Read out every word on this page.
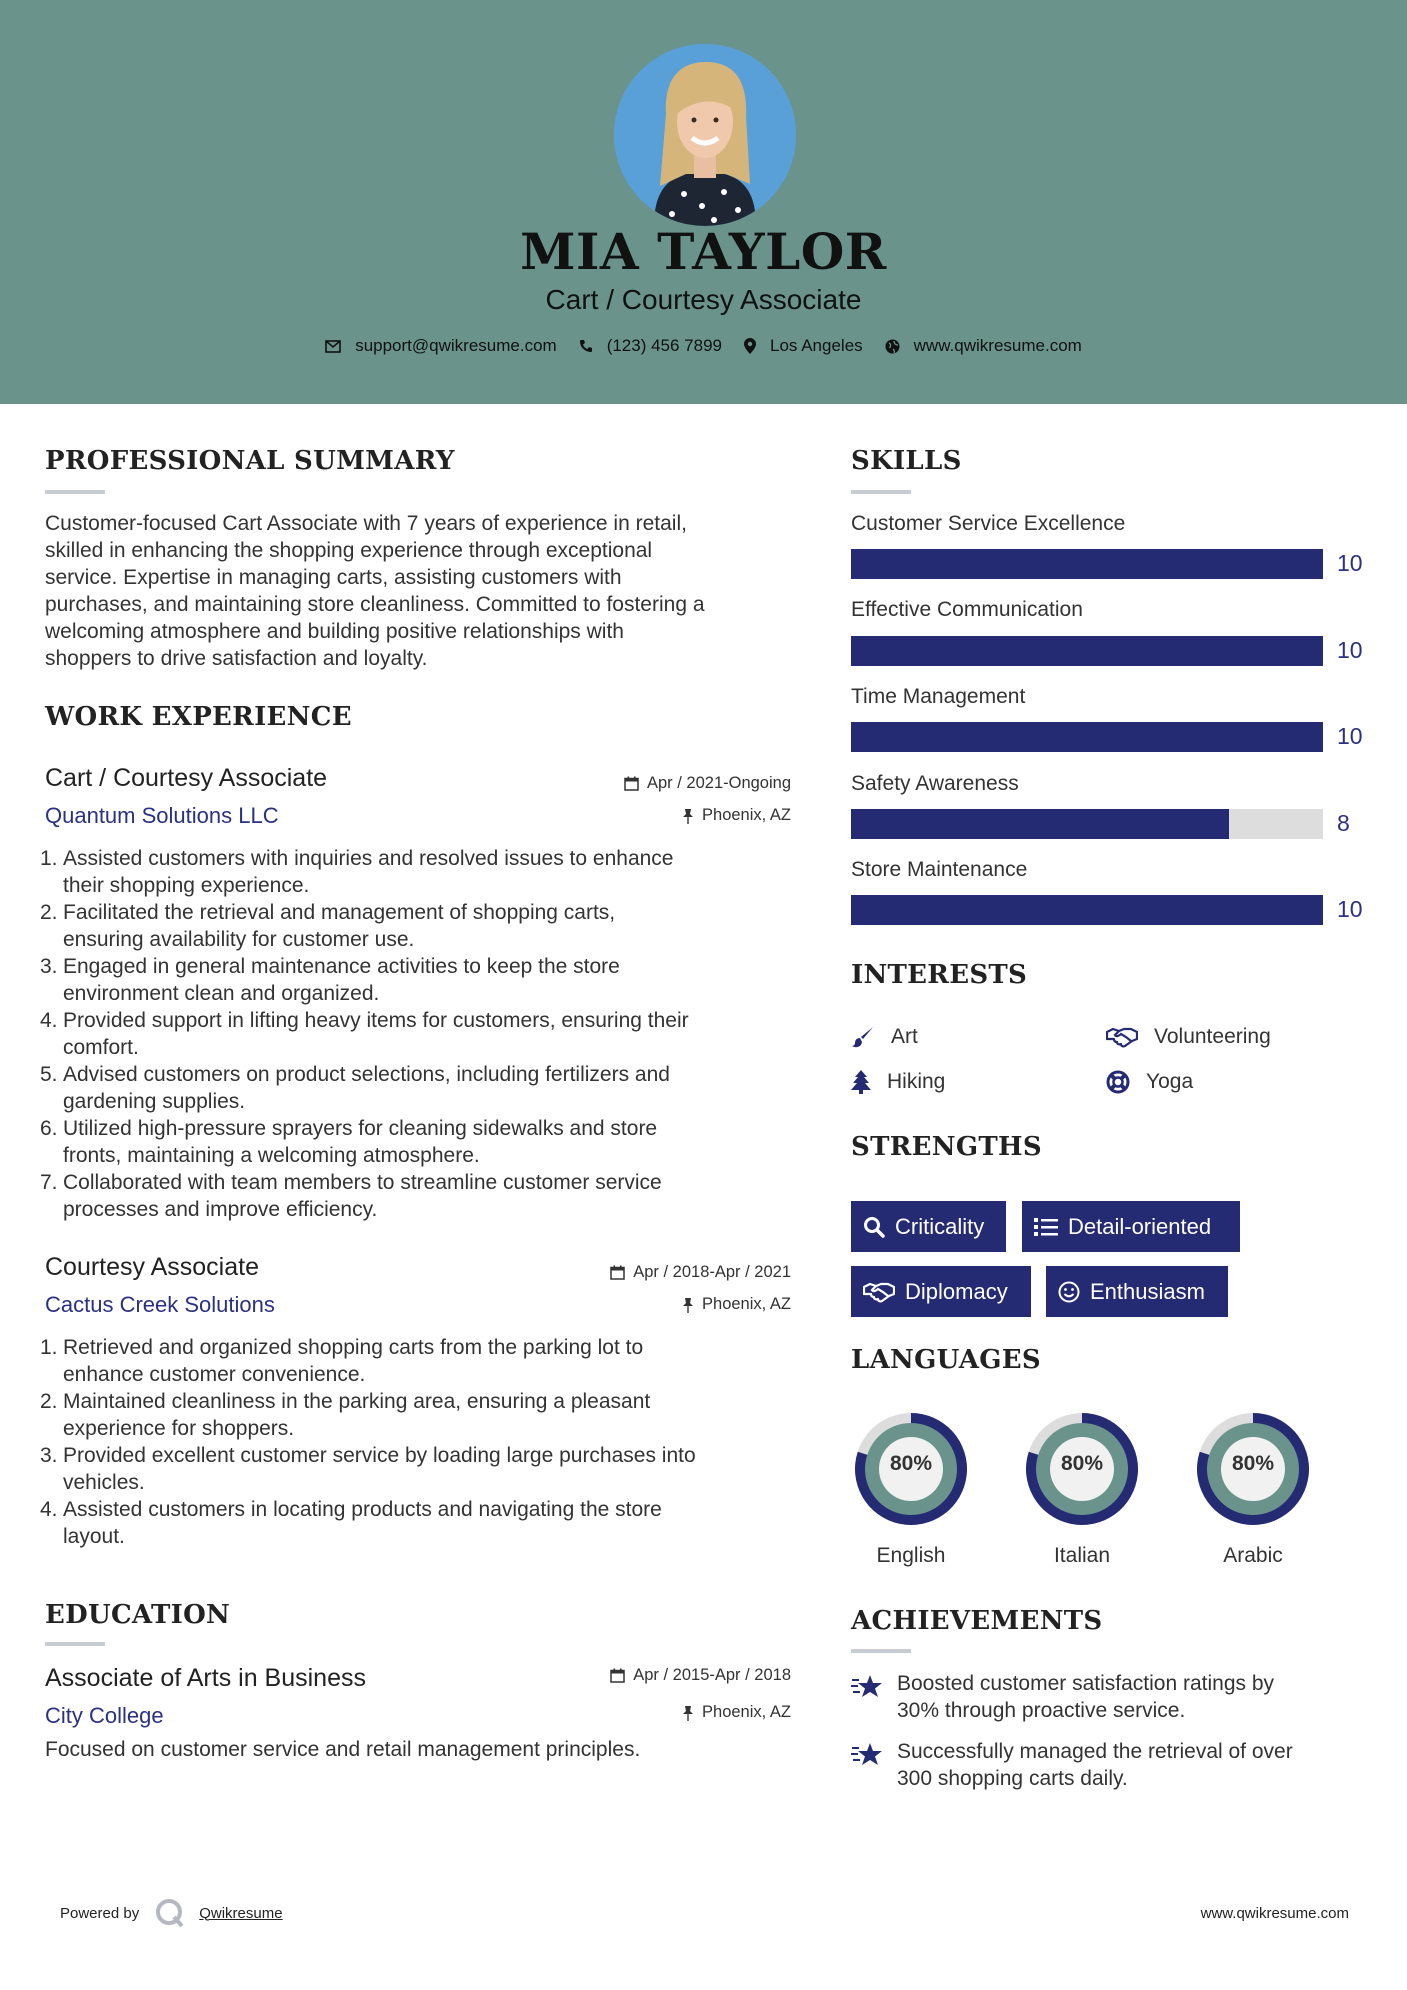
MIA TAYLOR
Cart / Courtesy Associate
support@qwikresume.com	(123) 456 7899	Los Angeles	www.qwikresume.com
PROFESSIONAL SUMMARY
Customer-focused Cart Associate with 7 years of experience in retail,
skilled in enhancing the shopping experience through exceptional
service. Expertise in managing carts, assisting customers with
purchases, and maintaining store cleanliness. Committed to fostering a
welcoming atmosphere and building positive relationships with
shoppers to drive satisfaction and loyalty.
WORK EXPERIENCE
Cart / Courtesy Associate
Quantum Solutions LLC
Apr / 2021-Ongoing
Phoenix, AZ
1. Assisted customers with inquiries and resolved issues to enhance
their shopping experience.
2. Facilitated the retrieval and management of shopping carts,
ensuring availability for customer use.
3. Engaged in general maintenance activities to keep the store
environment clean and organized.
4. Provided support in lifting heavy items for customers, ensuring their
comfort.
5. Advised customers on product selections, including fertilizers and
gardening supplies.
6. Utilized high-pressure sprayers for cleaning sidewalks and store
fronts, maintaining a welcoming atmosphere.
7. Collaborated with team members to streamline customer service
processes and improve efficiency.
Courtesy Associate
Cactus Creek Solutions
Apr / 2018-Apr / 2021
Phoenix, AZ
1. Retrieved and organized shopping carts from the parking lot to
enhance customer convenience.
2. Maintained cleanliness in the parking area, ensuring a pleasant
experience for shoppers.
3. Provided excellent customer service by loading large purchases into
vehicles.
4. Assisted customers in locating products and navigating the store
layout.
EDUCATION
Associate of Arts in Business
City College
Apr / 2015-Apr / 2018
Phoenix, AZ
Focused on customer service and retail management principles.
SKILLS
Customer Service Excellence
10
Effective Communication
10
Time Management
10
Safety Awareness
8
Store Maintenance
10
INTERESTS
Art	Volunteering
Hiking	Yoga
STRENGTHS
Criticality	Detail-oriented
Diplomacy	Enthusiasm
LANGUAGES
80%
English
80%
Italian
80%
Arabic
ACHIEVEMENTS
Boosted customer satisfaction ratings by
30% through proactive service.
Successfully managed the retrieval of over
300 shopping carts daily.
Powered by	Qwikresume	www.qwikresume.com
